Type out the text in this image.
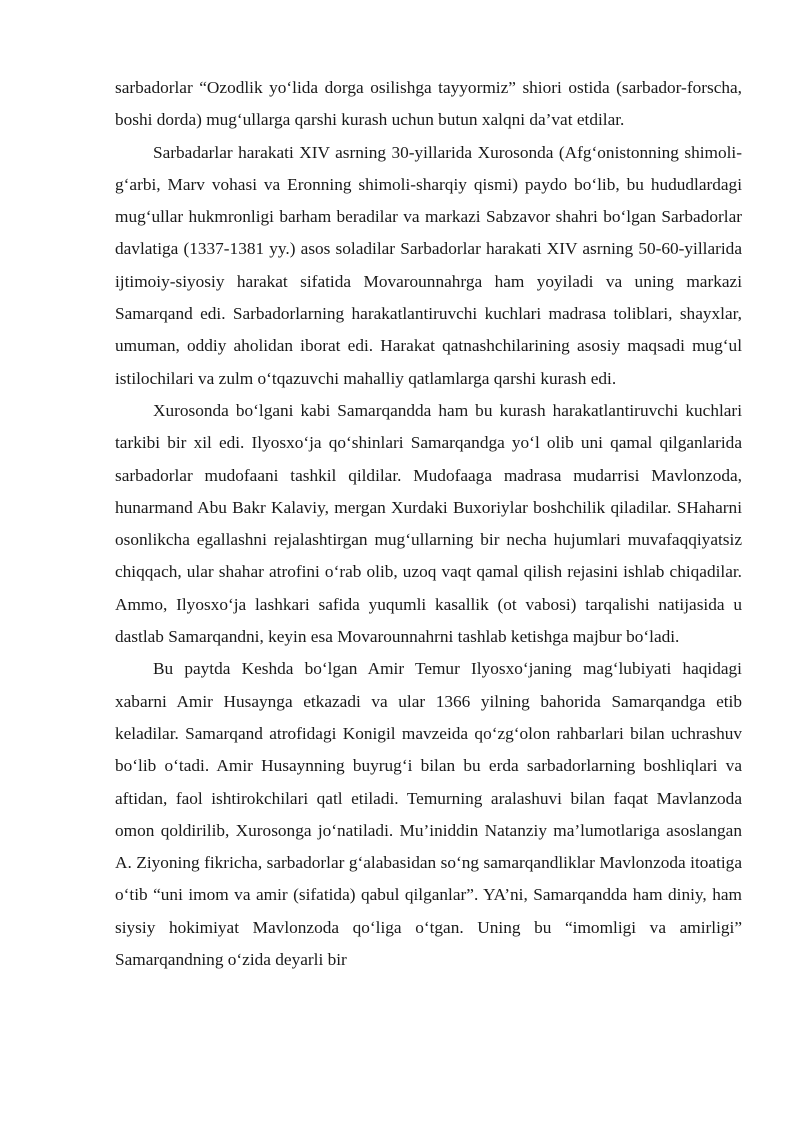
sarbadorlar “Ozodlik yo‘lida dorga osilishga tayyormiz” shiori ostida (sarbador-forscha, boshi dorda) mug‘ullarga qarshi kurash uchun butun xalqni da’vat etdilar.

Sarbadarlar harakati XIV asrning 30-yillarida Xurosonda (Afg‘onistonning shimoli-g‘arbi, Marv vohasi va Eronning shimoli-sharqiy qismi) paydo bo‘lib, bu hududlardagi mug‘ullar hukmronligi barham beradilar va markazi Sabzavor shahri bo‘lgan Sarbadorlar davlatiga (1337-1381 yy.) asos soladilar Sarbadorlar harakati XIV asrning 50-60-yillarida ijtimoiy-siyosiy harakat sifatida Movarounnahrga ham yoyiladi va uning markazi Samarqand edi. Sarbadorlarning harakatlantiruvchi kuchlari madrasa toliblari, shayxlar, umuman, oddiy aholidan iborat edi. Harakat qatnashchilarining asosiy maqsadi mug‘ul istilochilari va zulm o‘tqazuvchi mahalliy qatlamlarga qarshi kurash edi.

Xurosonda bo‘lgani kabi Samarqandda ham bu kurash harakatlantiruvchi kuchlari tarkibi bir xil edi. Ilyosxo‘ja qo‘shinlari Samarqandga yo‘l olib uni qamal qilganlarida sarbadorlar mudofaani tashkil qildilar. Mudofaaga madrasa mudarrisi Mavlonzoda, hunarmand Abu Bakr Kalaviy, mergan Xurdaki Buxoriylar boshchilik qiladilar. SHaharni osonlikcha egallashni rejalashtirgan mug‘ullarning bir necha hujumlari muvafaqqiyatsiz chiqqach, ular shahar atrofini o‘rab olib, uzoq vaqt qamal qilish rejasini ishlab chiqadilar. Ammo, Ilyosxo‘ja lashkari safida yuqumli kasallik (ot vabosi) tarqalishi natijasida u dastlab Samarqandni, keyin esa Movarounnahrni tashlab ketishga majbur bo‘ladi.

Bu paytda Keshda bo‘lgan Amir Temur Ilyosxo‘janing mag‘lubiyati haqidagi xabarni Amir Husaynga etkazadi va ular 1366 yilning bahorida Samarqandga etib keladilar. Samarqand atrofidagi Konigil mavzeida qo‘zg‘olon rahbarlari bilan uchrashuv bo‘lib o‘tadi. Amir Husaynning buyrug‘i bilan bu erda sarbadorlarning boshliqlari va aftidan, faol ishtirokchilari qatl etiladi. Temurning aralashuvi bilan faqat Mavlanzoda omon qoldirilib, Xurosonga jo‘natiladi. Mu’iniddin Natanziy ma’lumotlariga asoslangan A. Ziyoning fikricha, sarbadorlar g‘alabasidan so‘ng samarqandliklar Mavlonzoda itoatiga o‘tib “uni imom va amir (sifatida) qabul qilganlar”. YA’ni, Samarqandda ham diniy, ham siysiy hokimiyat Mavlonzoda qo‘liga o‘tgan. Uning bu “imomligi va amirligi” Samarqandning o‘zida deyarli bir
